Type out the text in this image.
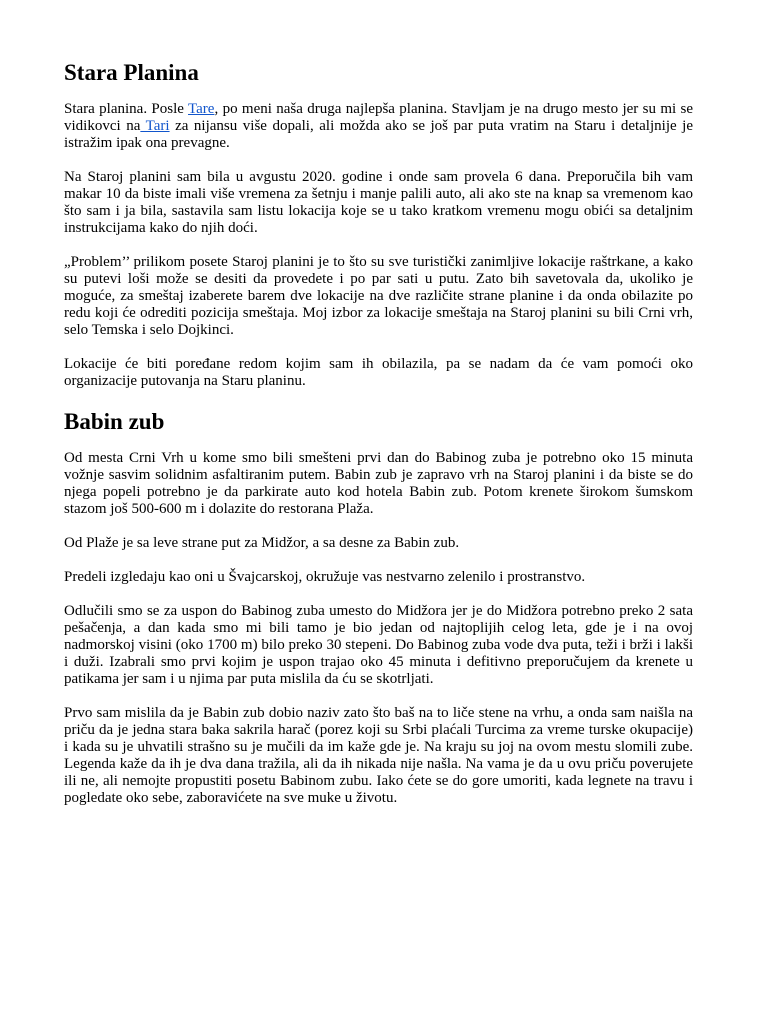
Stara Planina

Stara planina. Posle Tare, po meni naša druga najlepša planina. Stavljam je na drugo mesto jer su mi se vidikovci na Tari za nijansu više dopali, ali možda ako se još par puta vratim na Staru i detaljnije je istražim ipak ona prevagne.

Na Staroj planini sam bila u avgustu 2020. godine i onde sam provela 6 dana. Preporučila bih vam makar 10 da biste imali više vremena za šetnju i manje palili auto, ali ako ste na knap sa vremenom kao što sam i ja bila, sastavila sam listu lokacija koje se u tako kratkom vremenu mogu obići sa detaljnim instrukcijama kako do njih doći.

„Problem’’ prilikom posete Staroj planini je to što su sve turistički zanimljive lokacije raštrkane, a kako su putevi loši može se desiti da provedete i po par sati u putu. Zato bih savetovala da, ukoliko je moguće, za smeštaj izaberete barem dve lokacije na dve različite strane planine i da onda obilazite po redu koji će odrediti pozicija smeštaja. Moj izbor za lokacije smeštaja na Staroj planini su bili Crni vrh, selo Temska i selo Dojkinci.

Lokacije će biti poređane redom kojim sam ih obilazila, pa se nadam da će vam pomoći oko organizacije putovanja na Staru planinu.

Babin zub

Od mesta Crni Vrh u kome smo bili smešteni prvi dan do Babinog zuba je potrebno oko 15 minuta vožnje sasvim solidnim asfaltiranim putem. Babin zub je zapravo vrh na Staroj planini i da biste se do njega popeli potrebno je da parkirate auto kod hotela Babin zub. Potom krenete širokom šumskom stazom još 500-600 m i dolazite do restorana Plaža.

Od Plaže je sa leve strane put za Midžor, a sa desne za Babin zub.

Predeli izgledaju kao oni u Švajcarskoj, okružuje vas nestvarno zelenilo i prostranstvo.

Odlučili smo se za uspon do Babinog zuba umesto do Midžora jer je do Midžora potrebno preko 2 sata pešačenja, a dan kada smo mi bili tamo je bio jedan od najtoplijih celog leta, gde je i na ovoj nadmorskoj visini (oko 1700 m) bilo preko 30 stepeni. Do Babinog zuba vode dva puta, teži i brži i lakši i duži. Izabrali smo prvi kojim je uspon trajao oko 45 minuta i defitivno preporučujem da krenete u patikama jer sam i u njima par puta mislila da ću se skotrljati.

Prvo sam mislila da je Babin zub dobio naziv zato što baš na to liče stene na vrhu, a onda sam naišla na priču da je jedna stara baka sakrila harač (porez koji su Srbi plaćali Turcima za vreme turske okupacije) i kada su je uhvatili strašno su je mučili da im kaže gde je. Na kraju su joj na ovom mestu slomili zube. Legenda kaže da ih je dva dana tražila, ali da ih nikada nije našla. Na vama je da u ovu priču poverujete ili ne, ali nemojte propustiti posetu Babinom zubu. Iako ćete se do gore umoriti, kada legnete na travu i pogledate oko sebe, zaboravićete na sve muke u životu.
